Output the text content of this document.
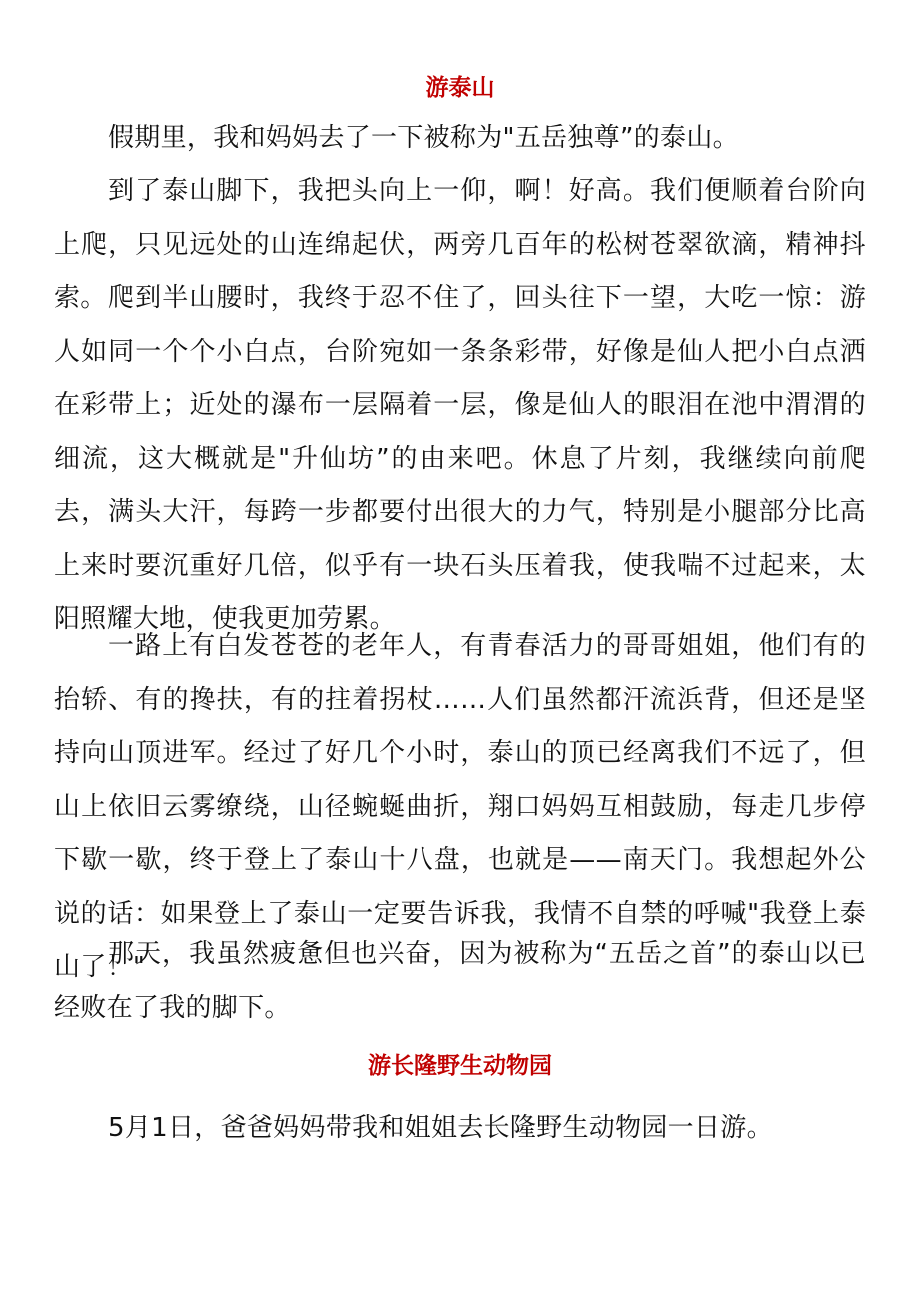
游泰山

假期里，我和妈妈去了一下被称为"五岳独尊”的泰山。

到了泰山脚下，我把头向上一仰，啊！好高。我们便顺着台阶向上爬，只见远处的山连绵起伏，两旁几百年的松树苍翠欲滴，精神抖索。 爬到半山腰时，我终于忍不住了，回头往下一望，大吃一惊：游人如同一个个小白点，台阶宛如一条条彩带，好像是仙人把小白点洒在彩带上；近处的瀑布一层隔着一层，像是仙人的眼泪在池中渭渭的细流，这大概就是"升仙坊”的由来吧。休息了片刻，我继续向前爬去，满头大汗，每跨一步都要付出很大的力气，特别是小腿部分比高上来时要沉重好几倍，似乎有一块石头压着我，使我喘不过起来，太阳照耀大地，使我更加劳累。

一路上有白发苍苍的老年人，有青春活力的哥哥姐姐，他们有的抬轿、有的搀扶，有的拄着拐杖……人们虽然都汗流浜背，但还是坚持向山顶进军。经过了好几个小时，泰山的顶已经离我们不远了，但山上依旧云雾缭绕，山径蜿蜒曲折，翔口妈妈互相鼓励，每走几步停下歇一歇，终于登上了泰山十八盘，也就是——南天门。我想起外公说的话：如果登上了泰山一定要告诉我，我情不自禁的呼喊"我登上泰山了！"

那天，我虽然疲惫但也兴奋，因为被称为“五岳之首”的泰山以已经败在了我的脚下。

游长隆野生动物园

5月1日，爸爸妈妈带我和姐姐去长隆野生动物园一日游。
